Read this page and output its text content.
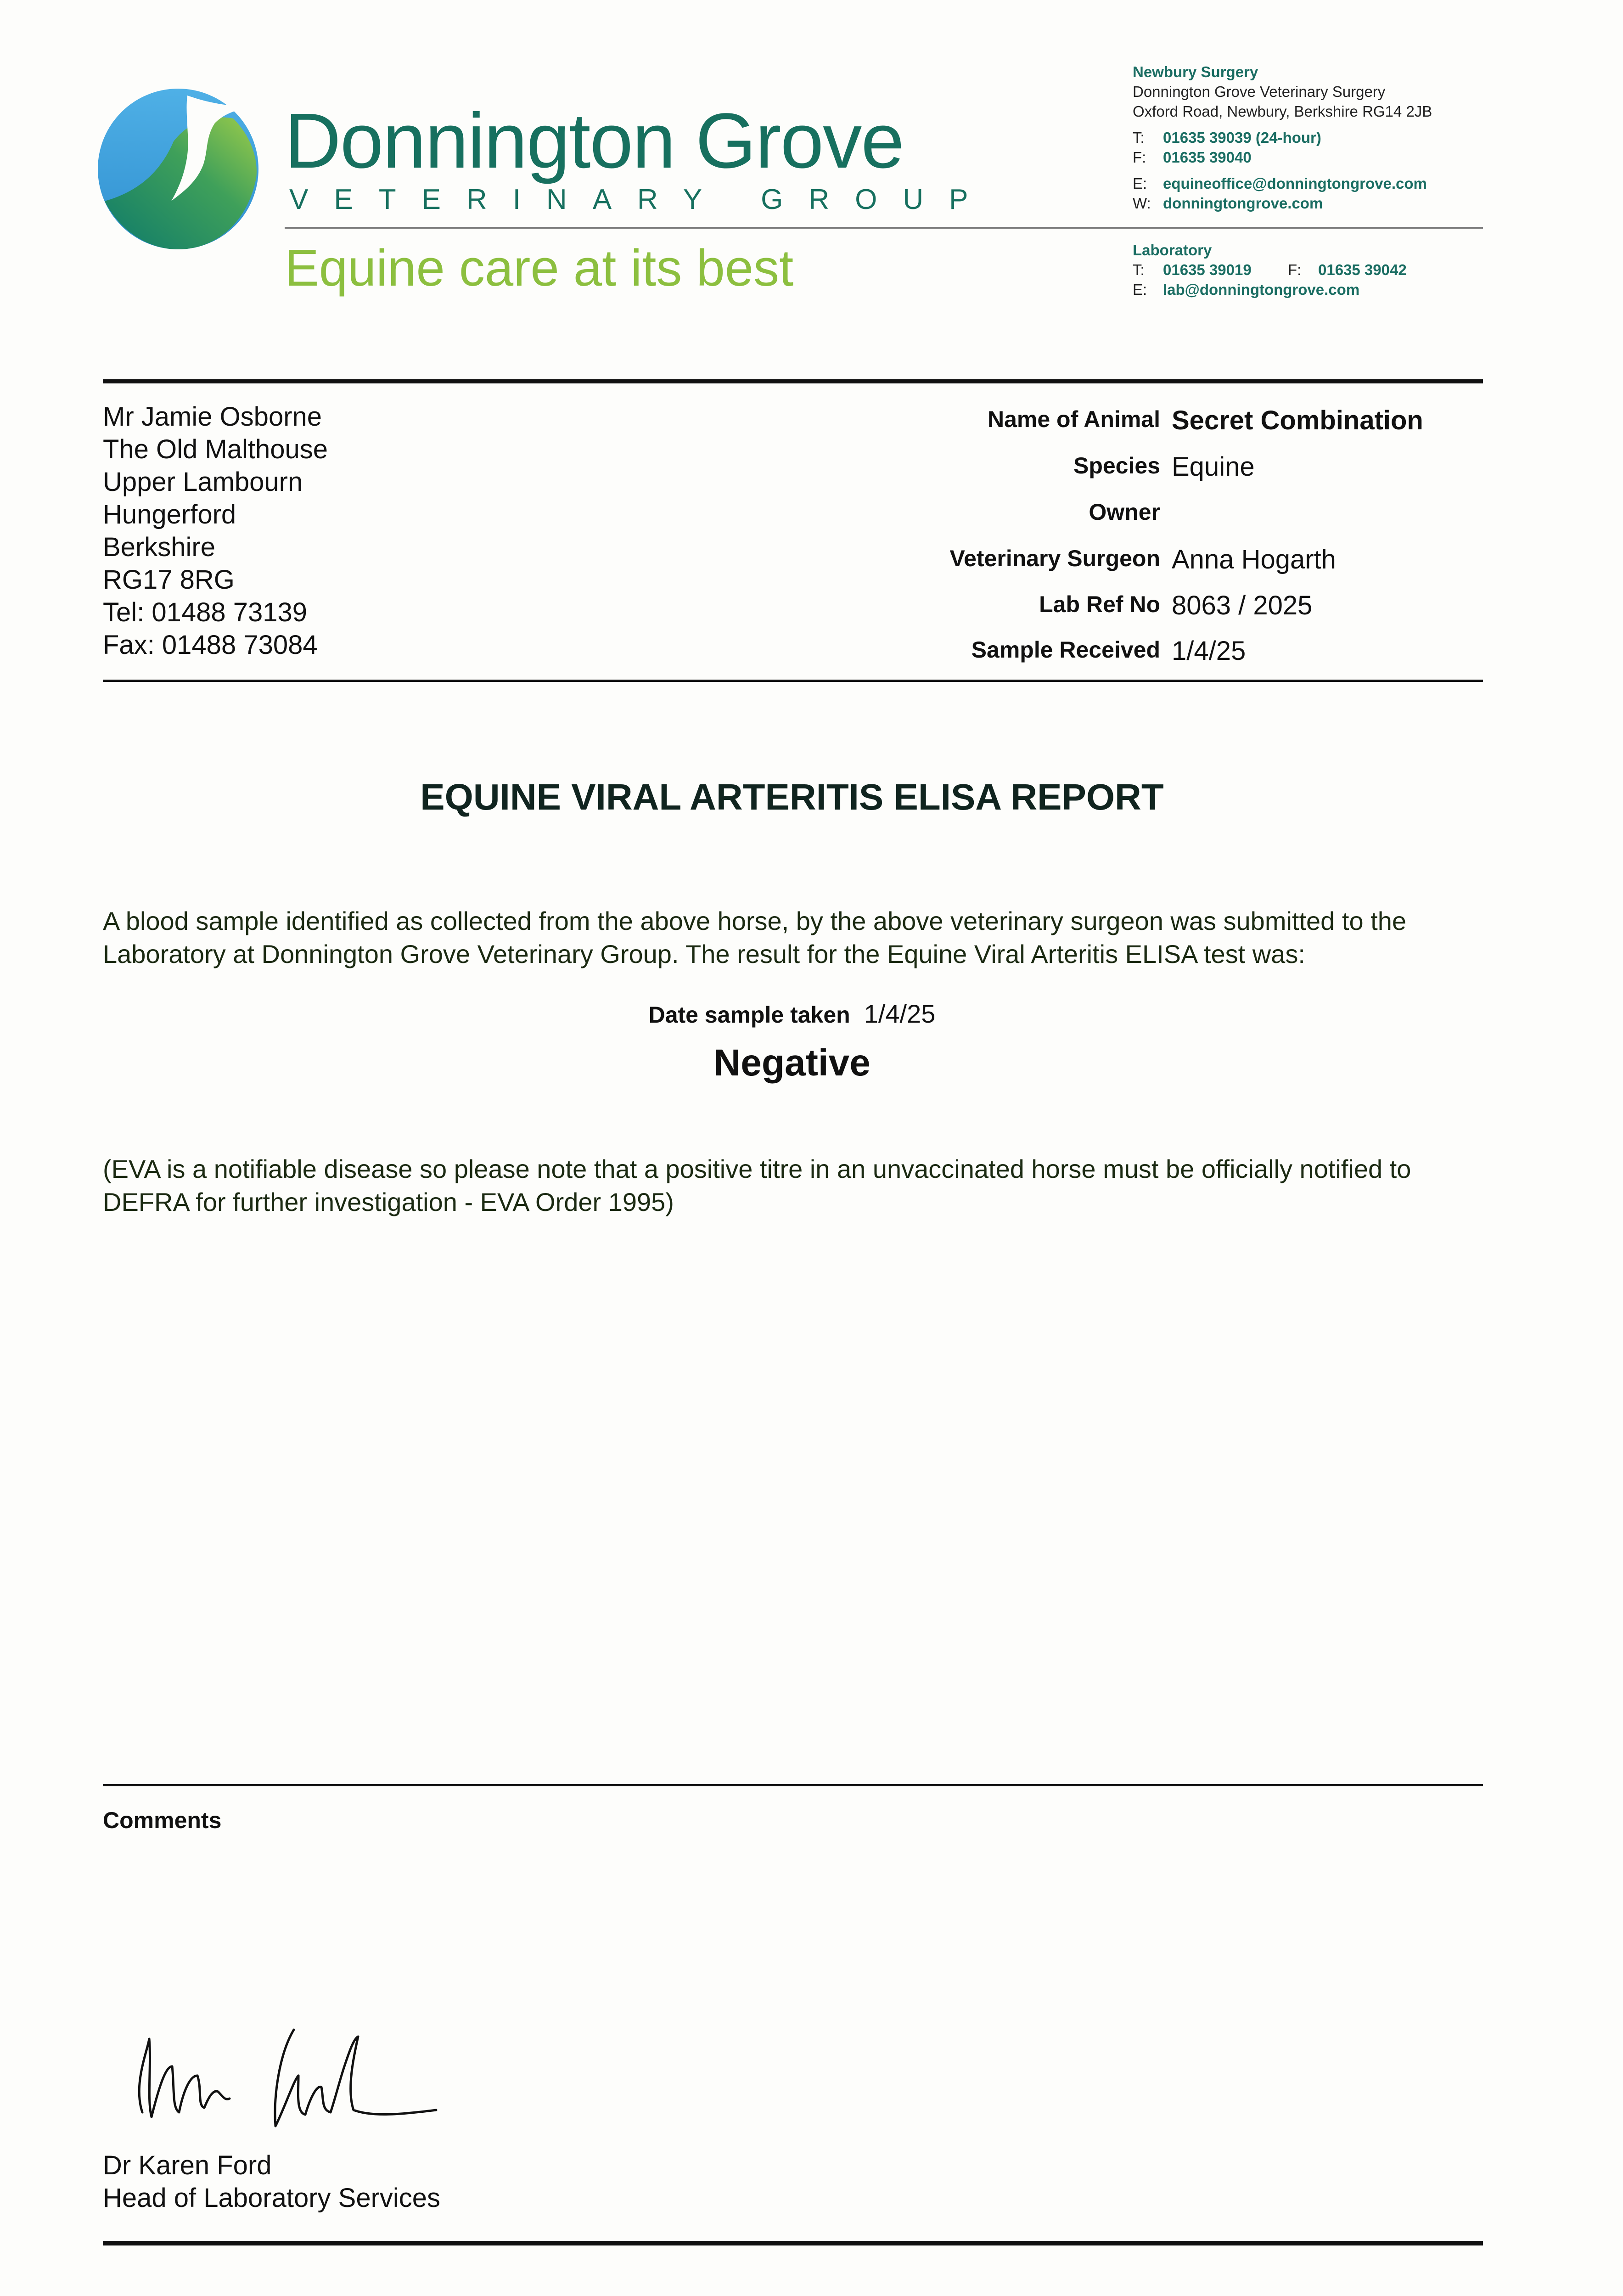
Donnington Grove
VETERINARY GROUP
Equine care at its best
Newbury Surgery
Donnington Grove Veterinary Surgery
Oxford Road, Newbury, Berkshire RG14 2JB
T: 01635 39039 (24-hour)
F: 01635 39040
E: equineoffice@donningtongrove.com
W: donningtongrove.com
Laboratory
T: 01635 39019 F: 01635 39042
E: lab@donningtongrove.com
Mr Jamie Osborne
The Old Malthouse
Upper Lambourn
Hungerford
Berkshire
RG17 8RG
Tel: 01488 73139
Fax: 01488 73084
Name of Animal Secret Combination
Species Equine
Owner
Veterinary Surgeon Anna Hogarth
Lab Ref No 8063 / 2025
Sample Received 1/4/25
EQUINE VIRAL ARTERITIS ELISA REPORT
A blood sample identified as collected from the above horse, by the above veterinary surgeon was submitted to the Laboratory at Donnington Grove Veterinary Group. The result for the Equine Viral Arteritis ELISA test was:
Date sample taken 1/4/25
Negative
(EVA is a notifiable disease so please note that a positive titre in an unvaccinated horse must be officially notified to DEFRA for further investigation - EVA Order 1995)
Comments
Dr Karen Ford
Head of Laboratory Services
